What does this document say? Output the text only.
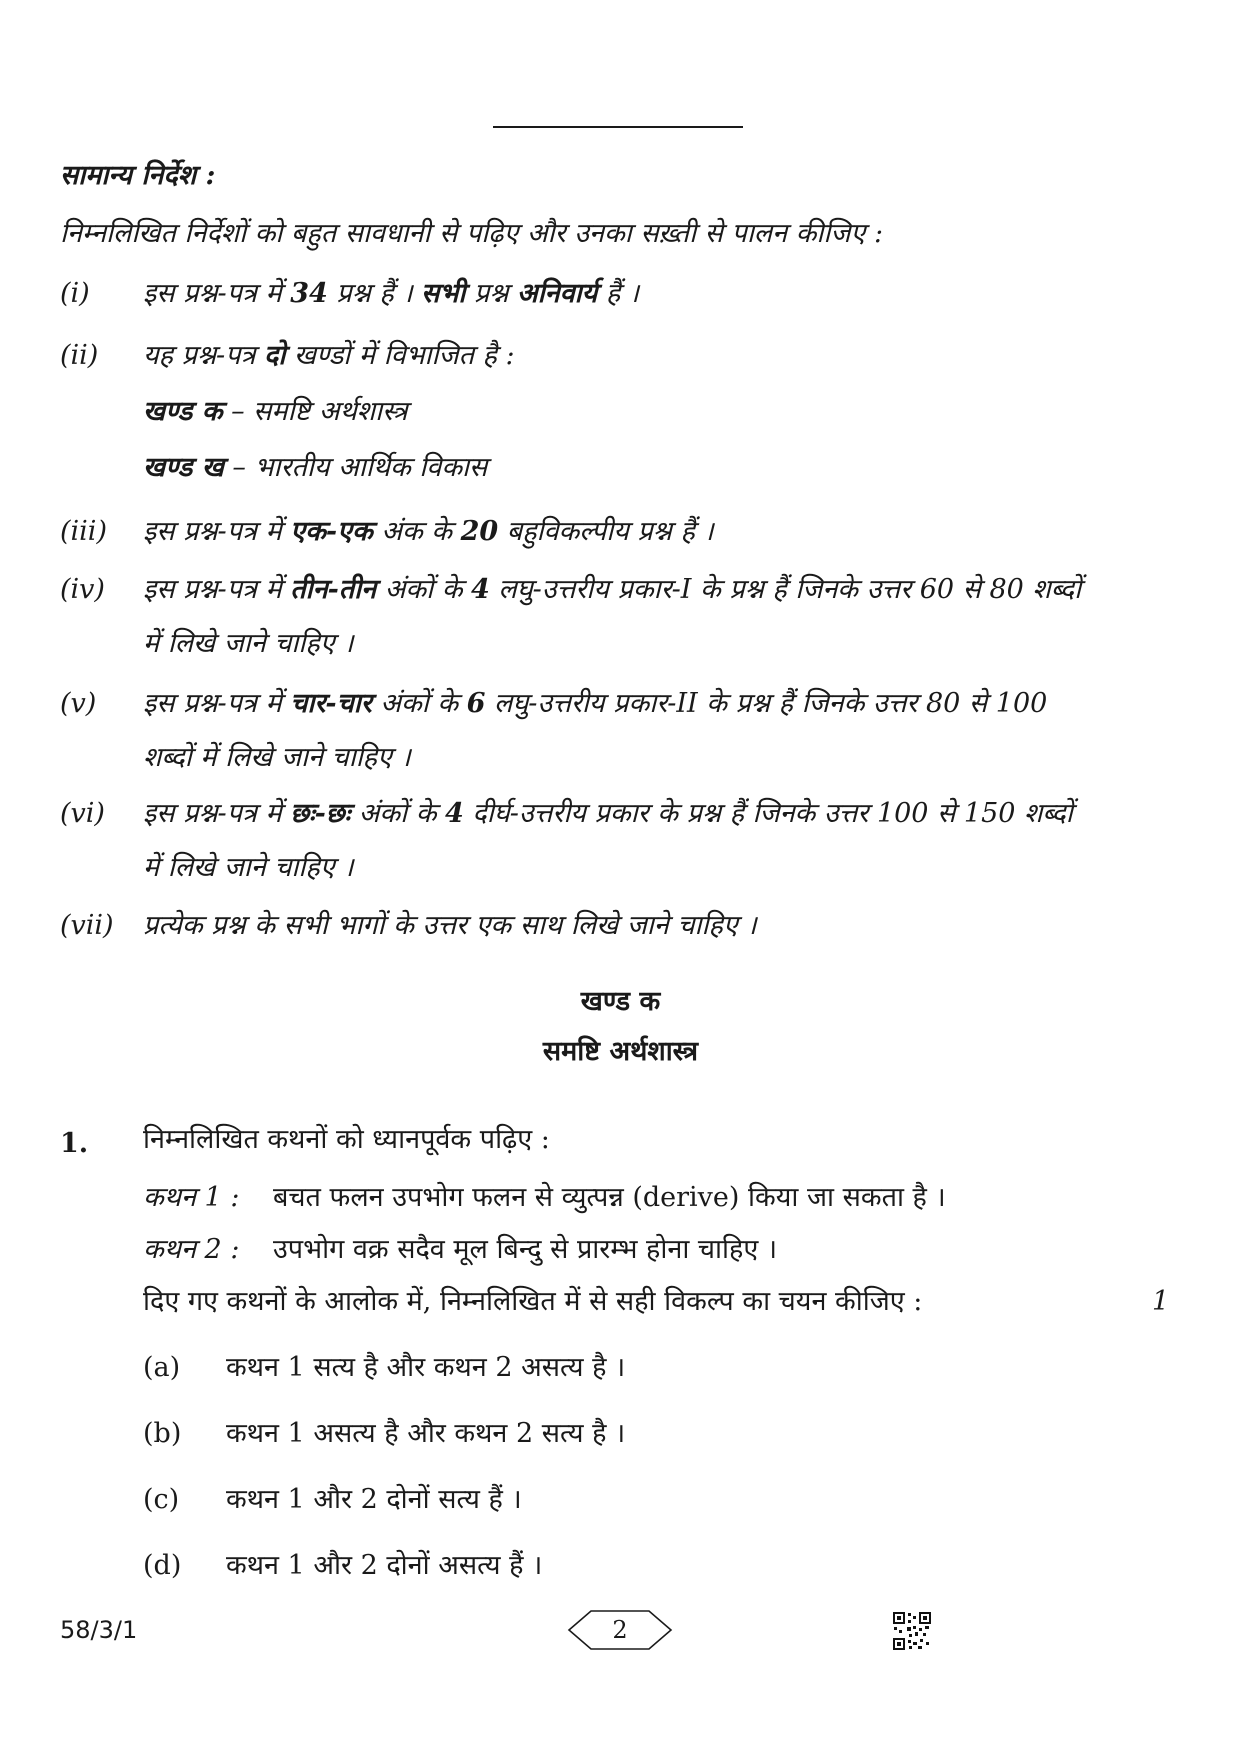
सामान्य निर्देश :
निम्नलिखित निर्देशों को बहुत सावधानी से पढ़िए और उनका सख़्ती से पालन कीजिए :
(i) इस प्रश्न-पत्र में 34 प्रश्न हैं । सभी प्रश्न अनिवार्य हैं ।
(ii) यह प्रश्न-पत्र दो खण्डों में विभाजित है :
खण्ड क – समष्टि अर्थशास्त्र
खण्ड ख – भारतीय आर्थिक विकास
(iii) इस प्रश्न-पत्र में एक-एक अंक के 20 बहुविकल्पीय प्रश्न हैं ।
(iv) इस प्रश्न-पत्र में तीन-तीन अंकों के 4 लघु-उत्तरीय प्रकार-I के प्रश्न हैं जिनके उत्तर 60 से 80 शब्दों
में लिखे जाने चाहिए ।
(v) इस प्रश्न-पत्र में चार-चार अंकों के 6 लघु-उत्तरीय प्रकार-II के प्रश्न हैं जिनके उत्तर 80 से 100
शब्दों में लिखे जाने चाहिए ।
(vi) इस प्रश्न-पत्र में छः-छः अंकों के 4 दीर्घ-उत्तरीय प्रकार के प्रश्न हैं जिनके उत्तर 100 से 150 शब्दों
में लिखे जाने चाहिए ।
(vii) प्रत्येक प्रश्न के सभी भागों के उत्तर एक साथ लिखे जाने चाहिए ।
खण्ड क
समष्टि अर्थशास्त्र
1. निम्नलिखित कथनों को ध्यानपूर्वक पढ़िए :
कथन 1 : बचत फलन उपभोग फलन से व्युत्पन्न (derive) किया जा सकता है ।
कथन 2 : उपभोग वक्र सदैव मूल बिन्दु से प्रारम्भ होना चाहिए ।
दिए गए कथनों के आलोक में, निम्नलिखित में से सही विकल्प का चयन कीजिए :	1
(a) कथन 1 सत्य है और कथन 2 असत्य है ।
(b) कथन 1 असत्य है और कथन 2 सत्य है ।
(c) कथन 1 और 2 दोनों सत्य हैं ।
(d) कथन 1 और 2 दोनों असत्य हैं ।
58/3/1	2
